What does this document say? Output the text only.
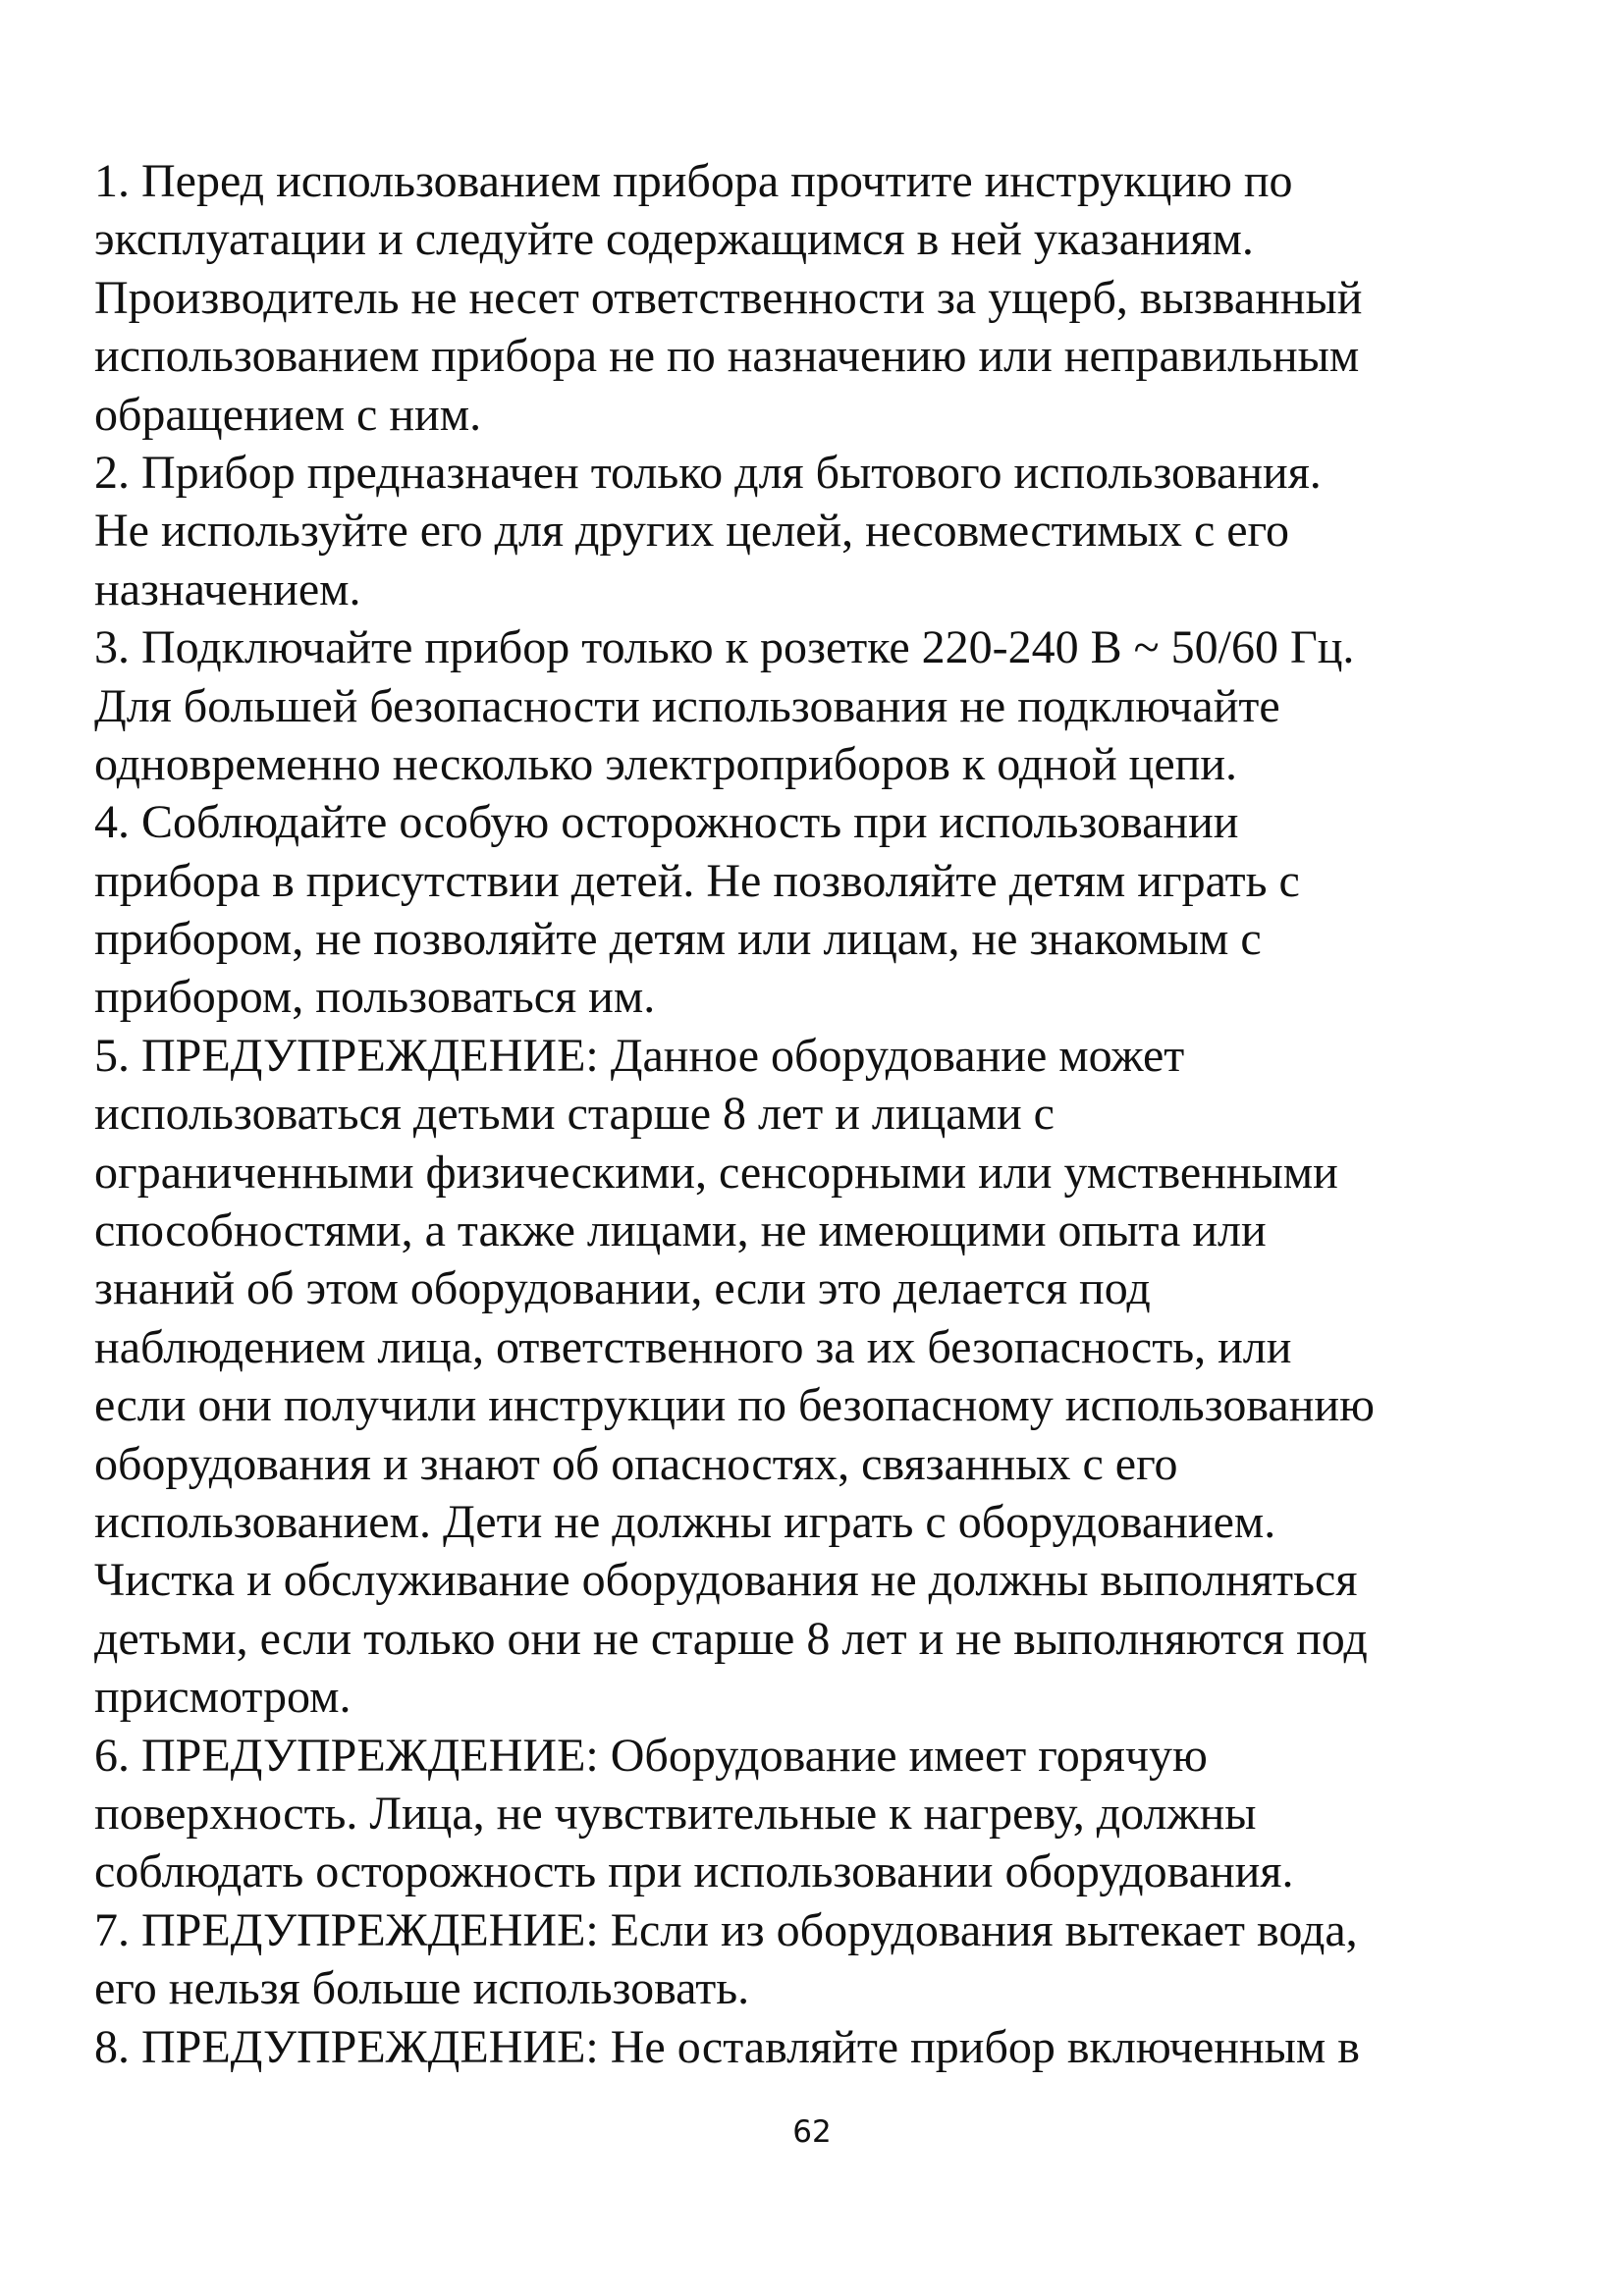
1. Перед использованием прибора прочтите инструкцию по
эксплуатации и следуйте содержащимся в ней указаниям.
Производитель не несет ответственности за ущерб, вызванный
использованием прибора не по назначению или неправильным
обращением с ним.
2. Прибор предназначен только для бытового использования.
Не используйте его для других целей, несовместимых с его
назначением.
3. Подключайте прибор только к розетке 220-240 В ~ 50/60 Гц.
Для большей безопасности использования не подключайте
одновременно несколько электроприборов к одной цепи.
4. Соблюдайте особую осторожность при использовании
прибора в присутствии детей. Не позволяйте детям играть с
прибором, не позволяйте детям или лицам, не знакомым с
прибором, пользоваться им.
5. ПРЕДУПРЕЖДЕНИЕ: Данное оборудование может
использоваться детьми старше 8 лет и лицами с
ограниченными физическими, сенсорными или умственными
способностями, а также лицами, не имеющими опыта или
знаний об этом оборудовании, если это делается под
наблюдением лица, ответственного за их безопасность, или
если они получили инструкции по безопасному использованию
оборудования и знают об опасностях, связанных с его
использованием. Дети не должны играть с оборудованием.
Чистка и обслуживание оборудования не должны выполняться
детьми, если только они не старше 8 лет и не выполняются под
присмотром.
6. ПРЕДУПРЕЖДЕНИЕ: Оборудование имеет горячую
поверхность. Лица, не чувствительные к нагреву, должны
соблюдать осторожность при использовании оборудования.
7. ПРЕДУПРЕЖДЕНИЕ: Если из оборудования вытекает вода,
его нельзя больше использовать.
8. ПРЕДУПРЕЖДЕНИЕ: Не оставляйте прибор включенным в
62
